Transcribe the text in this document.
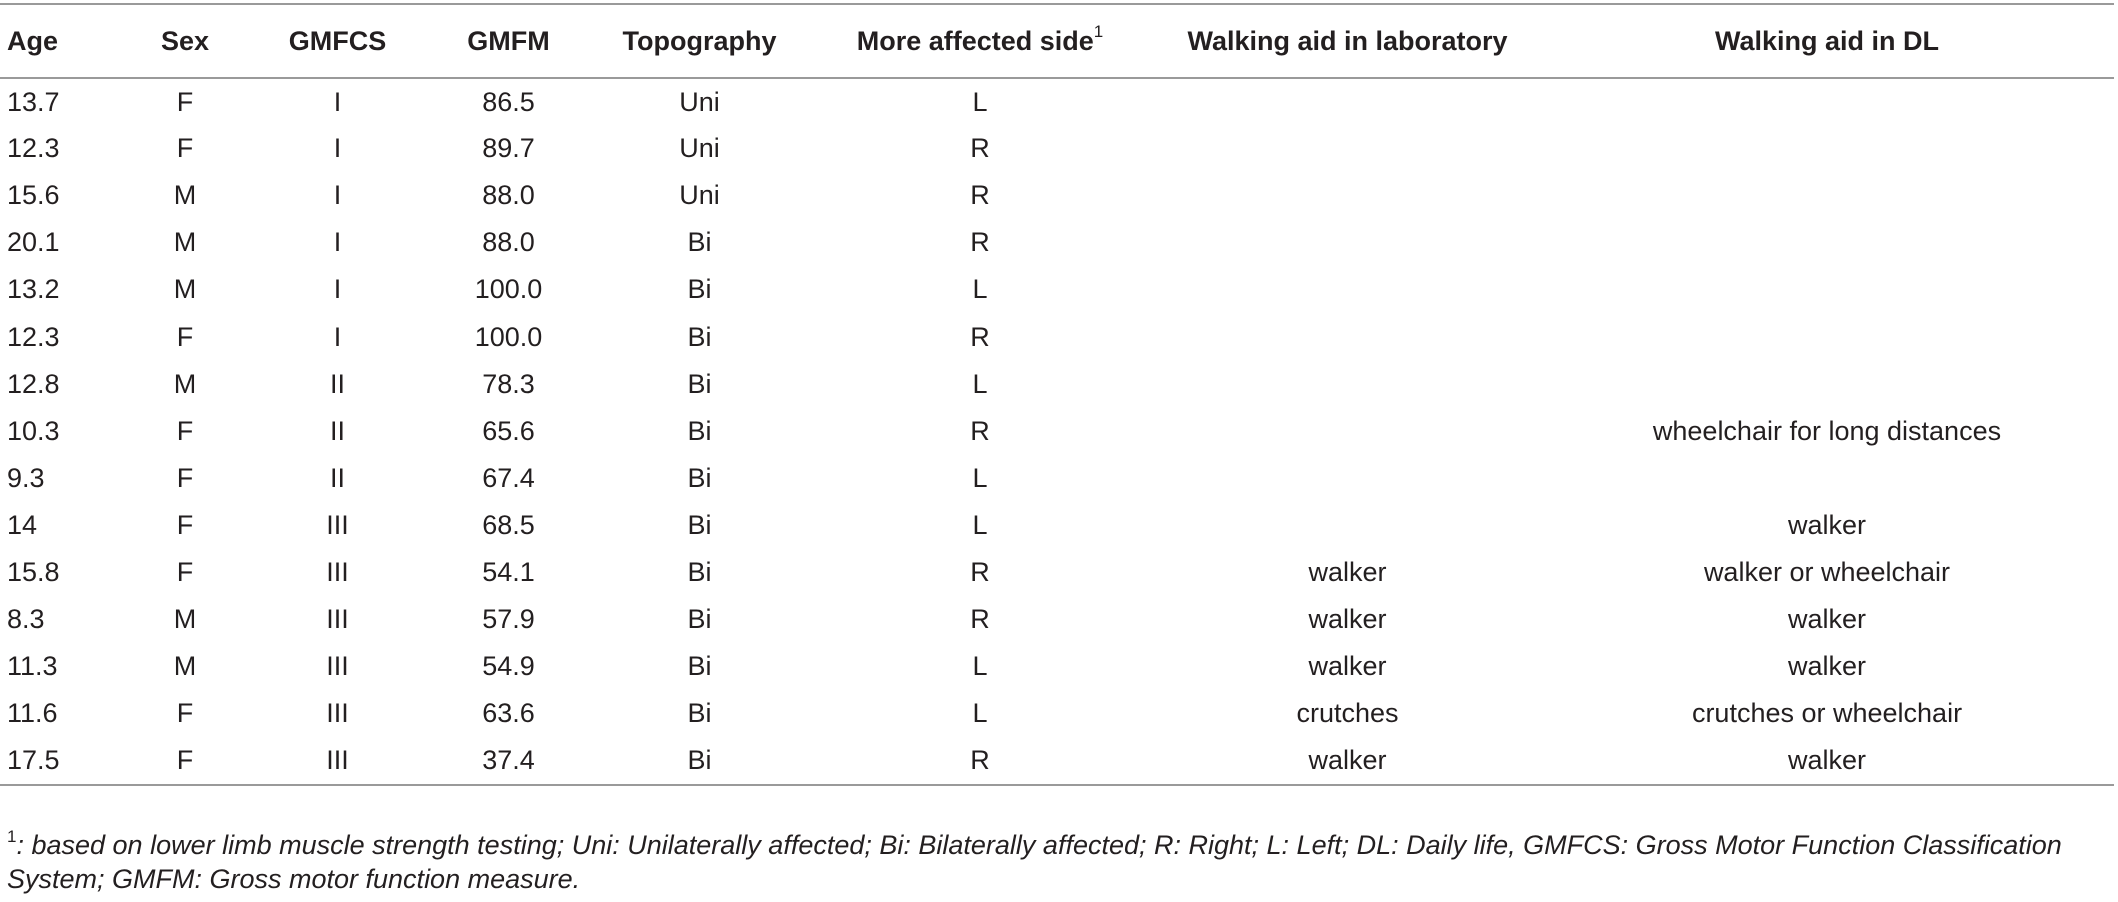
Age	Sex	GMFCS	GMFM	Topography	More affected side$^1$	Walking aid in laboratory	Walking aid in DL
13.7	F	I	86.5	Uni	L		
12.3	F	I	89.7	Uni	R		
15.6	M	I	88.0	Uni	R		
20.1	M	I	88.0	Bi	R		
13.2	M	I	100.0	Bi	L		
12.3	F	I	100.0	Bi	R		
12.8	M	II	78.3	Bi	L		
10.3	F	II	65.6	Bi	R		wheelchair for long distances
9.3	F	II	67.4	Bi	L		
14	F	III	68.5	Bi	L		walker
15.8	F	III	54.1	Bi	R	walker	walker or wheelchair
8.3	M	III	57.9	Bi	R	walker	walker
11.3	M	III	54.9	Bi	L	walker	walker
11.6	F	III	63.6	Bi	L	crutches	crutches or wheelchair
17.5	F	III	37.4	Bi	R	walker	walker
$^1$: based on lower limb muscle strength testing; Uni: Unilaterally affected; Bi: Bilaterally affected; R: Right; L: Left; DL: Daily life, GMFCS: Gross Motor Function Classification
System; GMFM: Gross motor function measure.
